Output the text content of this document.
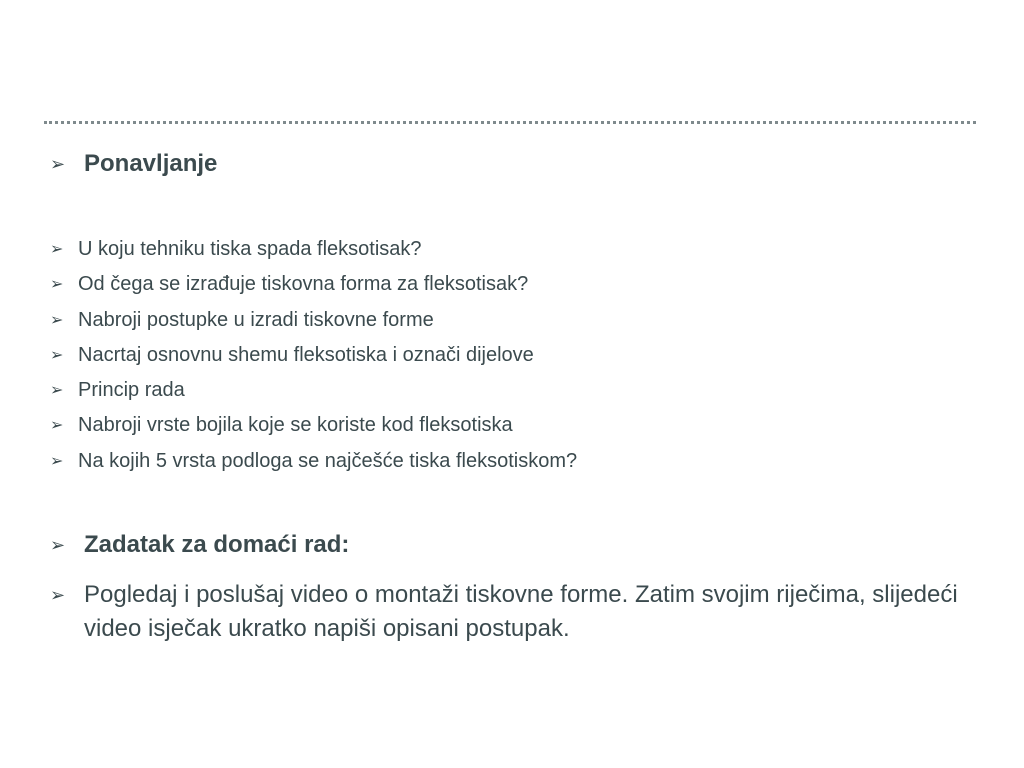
➢ Ponavljanje
➢ U koju tehniku tiska spada fleksotisak?
➢ Od čega se izrađuje tiskovna forma za fleksotisak?
➢ Nabroji postupke u izradi tiskovne forme
➢ Nacrtaj osnovnu shemu fleksotiska i označi dijelove
➢ Princip rada
➢ Nabroji vrste bojila koje se koriste kod fleksotiska
➢ Na kojih 5 vrsta podloga se najčešće tiska fleksotiskom?
➢ Zadatak za domaći rad:
➢ Pogledaj i poslušaj video o montaži tiskovne forme. Zatim svojim riječima, slijedeći video isječak ukratko napiši opisani postupak.
